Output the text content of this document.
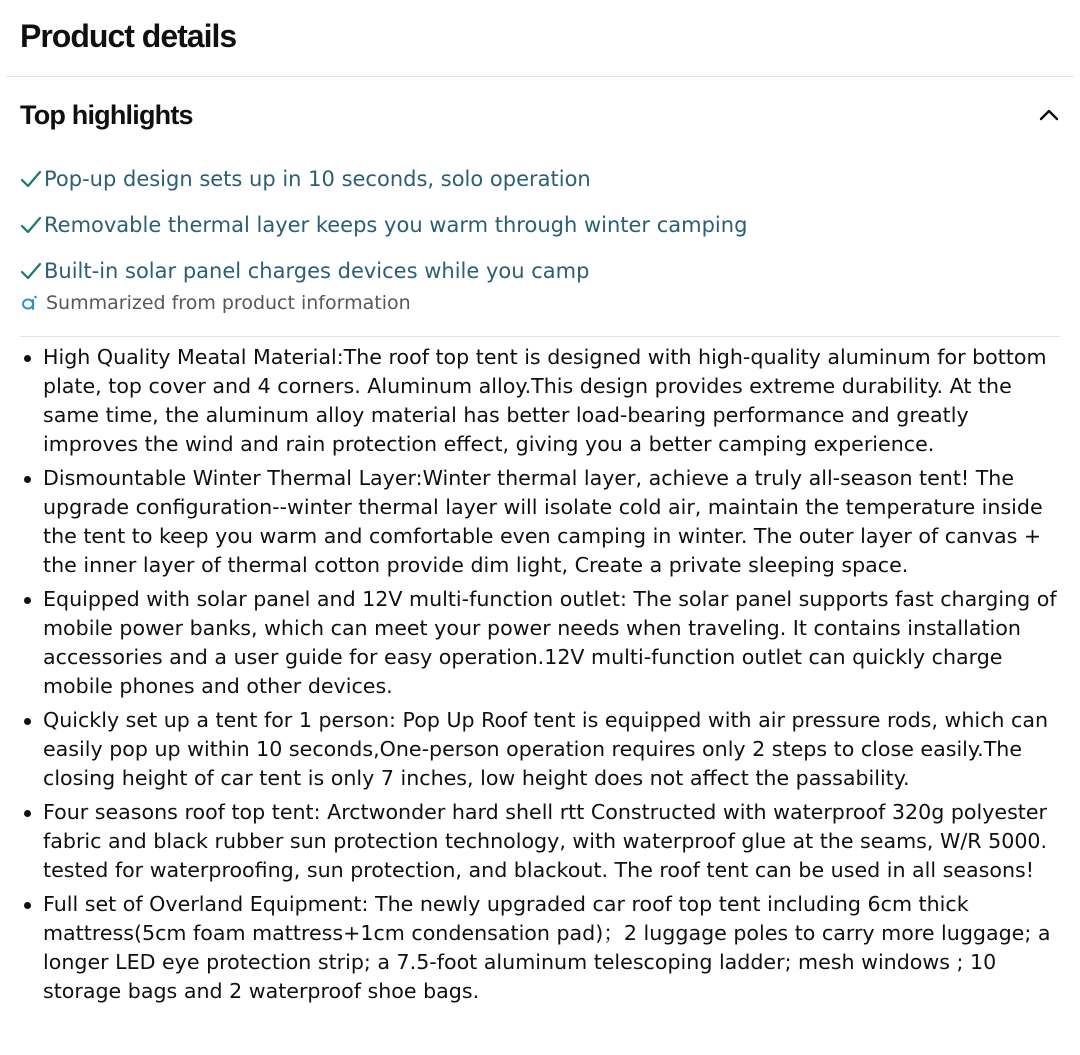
Product details
Top highlights
Pop-up design sets up in 10 seconds, solo operation
Removable thermal layer keeps you warm through winter camping
Built-in solar panel charges devices while you camp
Summarized from product information
High Quality Meatal Material:The roof top tent is designed with high-quality aluminum for bottom plate, top cover and 4 corners. Aluminum alloy.This design provides extreme durability. At the same time, the aluminum alloy material has better load-bearing performance and greatly improves the wind and rain protection effect, giving you a better camping experience.
Dismountable Winter Thermal Layer:Winter thermal layer, achieve a truly all-season tent! The upgrade configuration--winter thermal layer will isolate cold air, maintain the temperature inside the tent to keep you warm and comfortable even camping in winter. The outer layer of canvas + the inner layer of thermal cotton provide dim light, Create a private sleeping space.
Equipped with solar panel and 12V multi-function outlet: The solar panel supports fast charging of mobile power banks, which can meet your power needs when traveling. It contains installation accessories and a user guide for easy operation.12V multi-function outlet can quickly charge mobile phones and other devices.
Quickly set up a tent for 1 person: Pop Up Roof tent is equipped with air pressure rods, which can easily pop up within 10 seconds,One-person operation requires only 2 steps to close easily.The closing height of car tent is only 7 inches, low height does not affect the passability.
Four seasons roof top tent: Arctwonder hard shell rtt Constructed with waterproof 320g polyester fabric and black rubber sun protection technology, with waterproof glue at the seams, W/R 5000. tested for waterproofing, sun protection, and blackout. The roof tent can be used in all seasons!
Full set of Overland Equipment: The newly upgraded car roof top tent including 6cm thick mattress(5cm foam mattress+1cm condensation pad)；2 luggage poles to carry more luggage; a longer LED eye protection strip; a 7.5-foot aluminum telescoping ladder; mesh windows ; 10 storage bags and 2 waterproof shoe bags.
